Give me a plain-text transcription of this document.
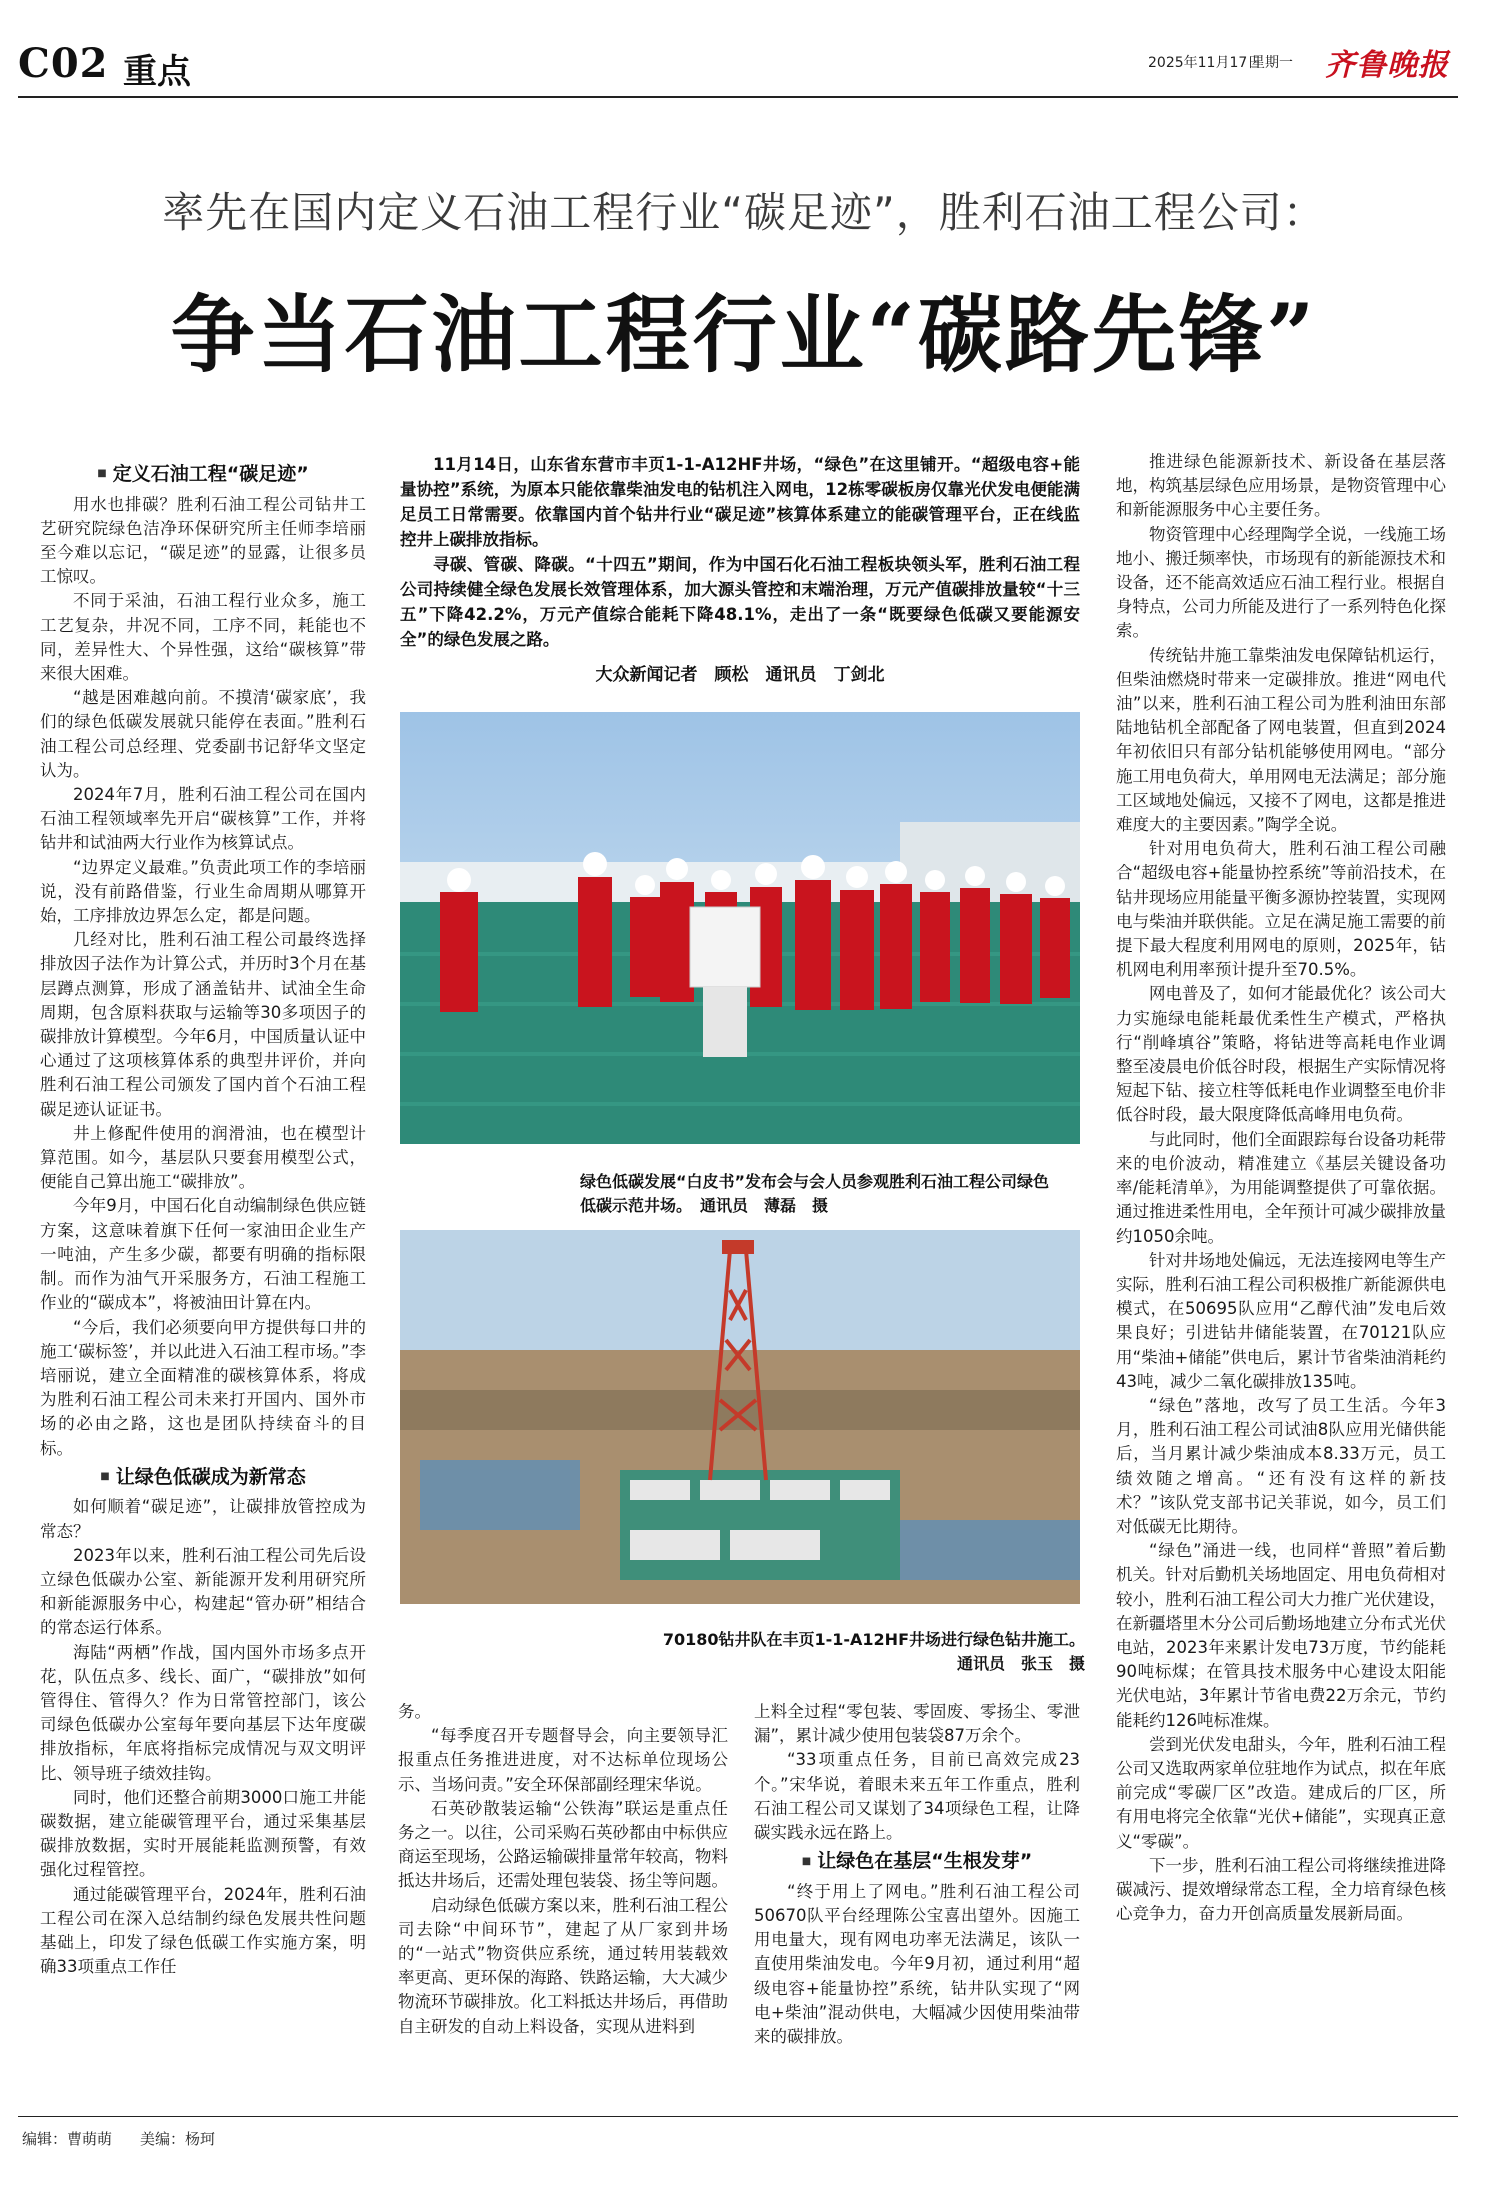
C02 重点	2025年11月17日
星期一 齐鲁晚报
率先在国内定义石油工程行业“碳足迹”，胜利石油工程公司：
争当石油工程行业“碳路先锋”

11月14日，山东省东营市丰页1-1-A12HF井场，“绿色”在这里铺开。“超级电容+能量协控”系统，为原本只能依靠柴油发电的钻机注入网电，12栋零碳板房仅靠光伏发电便能满足员工日常需要。依靠国内首个钻井行业“碳足迹”核算体系建立的能碳管理平台，正在线监控井上碳排放指标。

寻碳、管碳、降碳。“十四五”期间，作为中国石化石油工程板块领头军，胜利石油工程公司持续健全绿色发展长效管理体系，加大源头管控和末端治理，万元产值碳排放量较“十三五”下降42.2%，万元产值综合能耗下降48.1%，走出了一条“既要绿色低碳又要能源安全”的绿色发展之路。

大众新闻记者　顾松　通讯员　丁剑北
绿色低碳发展“白皮书”发布会与会人员参观胜利石油工程公司绿色低碳示范井场。　通讯员　薄磊　摄
70180钻井队在丰页1-1-A12HF井场进行绿色钻井施工。
通讯员　张玉　摄
■ 定义石油工程“碳足迹”

用水也排碳？胜利石油工程公司钻井工艺研究院绿色洁净环保研究所主任师李培丽至今难以忘记，“碳足迹”的显露，让很多员工惊叹。

不同于采油，石油工程行业众多，施工工艺复杂，井况不同，工序不同，耗能也不同，差异性大、个异性强，这给“碳核算”带来很大困难。

“越是困难越向前。不摸清‘碳家底’，我们的绿色低碳发展就只能停在表面。”胜利石油工程公司总经理、党委副书记舒华文坚定认为。

2024年7月，胜利石油工程公司在国内石油工程领域率先开启“碳核算”工作，并将钻井和试油两大行业作为核算试点。

“边界定义最难。”负责此项工作的李培丽说，没有前路借鉴，行业生命周期从哪算开始，工序排放边界怎么定，都是问题。

几经对比，胜利石油工程公司最终选择排放因子法作为计算公式，并历时3个月在基层蹲点测算，形成了涵盖钻井、试油全生命周期，包含原料获取与运输等30多项因子的碳排放计算模型。今年6月，中国质量认证中心通过了这项核算体系的典型井评价，并向胜利石油工程公司颁发了国内首个石油工程碳足迹认证证书。

井上修配件使用的润滑油，也在模型计算范围。如今，基层队只要套用模型公式，便能自己算出施工“碳排放”。

今年9月，中国石化自动编制绿色供应链方案，这意味着旗下任何一家油田企业生产一吨油，产生多少碳，都要有明确的指标限制。而作为油气开采服务方，石油工程施工作业的“碳成本”，将被油田计算在内。

“今后，我们必须要向甲方提供每口井的施工‘碳标签’，并以此进入石油工程市场。”李培丽说，建立全面精准的碳核算体系，将成为胜利石油工程公司未来打开国内、国外市场的必由之路，这也是团队持续奋斗的目标。

■ 让绿色低碳成为新常态

如何顺着“碳足迹”，让碳排放管控成为常态？

2023年以来，胜利石油工程公司先后设立绿色低碳办公室、新能源开发利用研究所和新能源服务中心，构建起“管办研”相结合的常态运行体系。

海陆“两栖”作战，国内国外市场多点开花，队伍点多、线长、面广，“碳排放”如何管得住、管得久？作为日常管控部门，该公司绿色低碳办公室每年要向基层下达年度碳排放指标，年底将指标完成情况与双文明评比、领导班子绩效挂钩。

同时，他们还整合前期3000口施工井能碳数据，建立能碳管理平台，通过采集基层碳排放数据，实时开展能耗监测预警，有效强化过程管控。

通过能碳管理平台，2024年，胜利石油工程公司在深入总结制约绿色发展共性问题基础上，印发了绿色低碳工作实施方案，明确33项重点工作任

务。

“每季度召开专题督导会，向主要领导汇报重点任务推进进度，对不达标单位现场公示、当场问责。”安全环保部副经理宋华说。

石英砂散装运输“公铁海”联运是重点任务之一。以往，公司采购石英砂都由中标供应商运至现场，公路运输碳排量常年较高，物料抵达井场后，还需处理包装袋、扬尘等问题。

启动绿色低碳方案以来，胜利石油工程公司去除“中间环节”，建起了从厂家到井场的“一站式”物资供应系统，通过转用装载效率更高、更环保的海路、铁路运输，大大减少物流环节碳排放。化工料抵达井场后，再借助自主研发的自动上料设备，实现从进料到

上料全过程“零包装、零固废、零扬尘、零泄漏”，累计减少使用包装袋87万余个。

“33项重点任务，目前已高效完成23个。”宋华说，着眼未来五年工作重点，胜利石油工程公司又谋划了34项绿色工程，让降碳实践永远在路上。

■ 让绿色在基层“生根发芽”

“终于用上了网电。”胜利石油工程公司50670队平台经理陈公宝喜出望外。因施工用电量大，现有网电功率无法满足，该队一直使用柴油发电。今年9月初，通过利用“超级电容+能量协控”系统，钻井队实现了“网电+柴油”混动供电，大幅减少因使用柴油带来的碳排放。

推进绿色能源新技术、新设备在基层落地，构筑基层绿色应用场景，是物资管理中心和新能源服务中心主要任务。

物资管理中心经理陶学全说，一线施工场地小、搬迁频率快，市场现有的新能源技术和设备，还不能高效适应石油工程行业。根据自身特点，公司力所能及进行了一系列特色化探索。

传统钻井施工靠柴油发电保障钻机运行，但柴油燃烧时带来一定碳排放。推进“网电代油”以来，胜利石油工程公司为胜利油田东部陆地钻机全部配备了网电装置，但直到2024年初依旧只有部分钻机能够使用网电。“部分施工用电负荷大，单用网电无法满足；部分施工区域地处偏远，又接不了网电，这都是推进难度大的主要因素。”陶学全说。

针对用电负荷大，胜利石油工程公司融合“超级电容+能量协控系统”等前沿技术，在钻井现场应用能量平衡多源协控装置，实现网电与柴油并联供能。立足在满足施工需要的前提下最大程度利用网电的原则，2025年，钻机网电利用率预计提升至70.5%。

网电普及了，如何才能最优化？该公司大力实施绿电能耗最优柔性生产模式，严格执行“削峰填谷”策略，将钻进等高耗电作业调整至凌晨电价低谷时段，根据生产实际情况将短起下钻、接立柱等低耗电作业调整至电价非低谷时段，最大限度降低高峰用电负荷。

与此同时，他们全面跟踪每台设备功耗带来的电价波动，精准建立《基层关键设备功率/能耗清单》，为用能调整提供了可靠依据。通过推进柔性用电，全年预计可减少碳排放量约1050余吨。

针对井场地处偏远，无法连接网电等生产实际，胜利石油工程公司积极推广新能源供电模式，在50695队应用“乙醇代油”发电后效果良好；引进钻井储能装置，在70121队应用“柴油+储能”供电后，累计节省柴油消耗约43吨，减少二氧化碳排放135吨。

“绿色”落地，改写了员工生活。今年3月，胜利石油工程公司试油8队应用光储供能后，当月累计减少柴油成本8.33万元，员工绩效随之增高。“还有没有这样的新技术？”该队党支部书记关菲说，如今，员工们对低碳无比期待。

“绿色”涌进一线，也同样“普照”着后勤机关。针对后勤机关场地固定、用电负荷相对较小，胜利石油工程公司大力推广光伏建设，在新疆塔里木分公司后勤场地建立分布式光伏电站，2023年来累计发电73万度，节约能耗90吨标煤；在管具技术服务中心建设太阳能光伏电站，3年累计节省电费22万余元，节约能耗约126吨标准煤。

尝到光伏发电甜头，今年，胜利石油工程公司又选取两家单位驻地作为试点，拟在年底前完成“零碳厂区”改造。建成后的厂区，所有用电将完全依靠“光伏+储能”，实现真正意义“零碳”。

下一步，胜利石油工程公司将继续推进降碳减污、提效增绿常态工程，全力培育绿色核心竞争力，奋力开创高质量发展新局面。

编辑：曹萌萌 美编：杨珂
